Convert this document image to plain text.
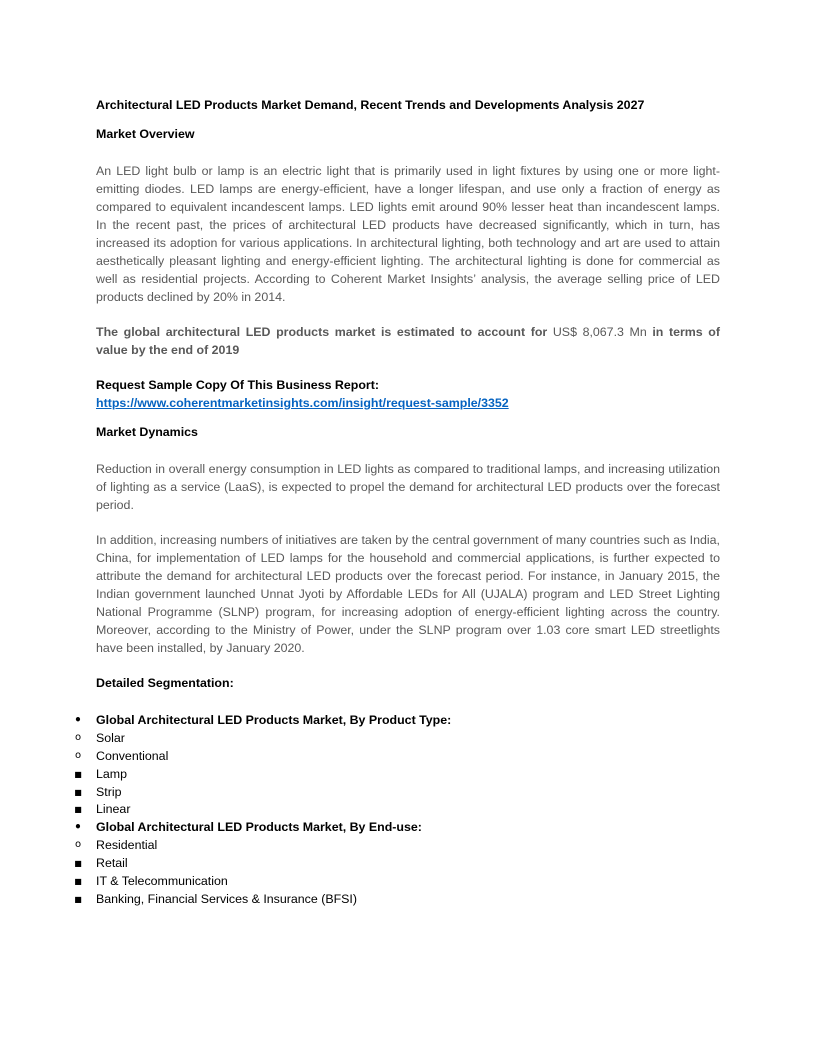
Architectural LED Products Market Demand, Recent Trends and Developments Analysis 2027

Market Overview

An LED light bulb or lamp is an electric light that is primarily used in light fixtures by using one or more light-emitting diodes. LED lamps are energy-efficient, have a longer lifespan, and use only a fraction of energy as compared to equivalent incandescent lamps. LED lights emit around 90% lesser heat than incandescent lamps. In the recent past, the prices of architectural LED products have decreased significantly, which in turn, has increased its adoption for various applications. In architectural lighting, both technology and art are used to attain aesthetically pleasant lighting and energy-efficient lighting. The architectural lighting is done for commercial as well as residential projects. According to Coherent Market Insights’ analysis, the average selling price of LED products declined by 20% in 2014.

The global architectural LED products market is estimated to account for US$ 8,067.3 Mn in terms of value by the end of 2019

Request Sample Copy Of This Business Report:
https://www.coherentmarketinsights.com/insight/request-sample/3352

Market Dynamics

Reduction in overall energy consumption in LED lights as compared to traditional lamps, and increasing utilization of lighting as a service (LaaS), is expected to propel the demand for architectural LED products over the forecast period.

In addition, increasing numbers of initiatives are taken by the central government of many countries such as India, China, for implementation of LED lamps for the household and commercial applications, is further expected to attribute the demand for architectural LED products over the forecast period. For instance, in January 2015, the Indian government launched Unnat Jyoti by Affordable LEDs for All (UJALA) program and LED Street Lighting National Programme (SLNP) program, for increasing adoption of energy-efficient lighting across the country. Moreover, according to the Ministry of Power, under the SLNP program over 1.03 core smart LED streetlights have been installed, by January 2020.

Detailed Segmentation:

• Global Architectural LED Products Market, By Product Type:
o Solar
o Conventional
■ Lamp
■ Strip
■ Linear
• Global Architectural LED Products Market, By End-use:
o Residential
■ Retail
■ IT & Telecommunication
■ Banking, Financial Services & Insurance (BFSI)
